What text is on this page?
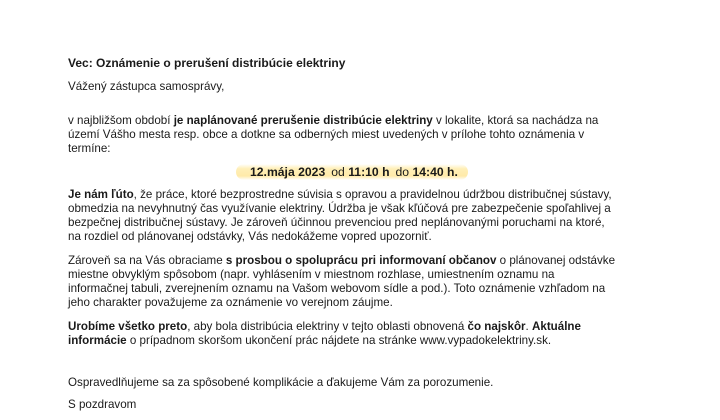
Vec: Oznámenie o prerušení distribúcie elektriny
Vážený zástupca samosprávy,
v najbližšom období je naplánované prerušenie distribúcie elektriny v lokalite, ktorá sa nachádza na
území Vášho mesta resp. obce a dotkne sa odberných miest uvedených v prílohe tohto oznámenia v
termíne:
12.mája 2023 od 11:10 h do 14:40 h.
Je nám ľúto, že práce, ktoré bezprostredne súvisia s opravou a pravidelnou údržbou distribučnej sústavy,
obmedzia na nevyhnutný čas využívanie elektriny. Údržba je však kľúčová pre zabezpečenie spoľahlivej a
bezpečnej distribučnej sústavy. Je zároveň účinnou prevenciou pred neplánovanými poruchami na ktoré,
na rozdiel od plánovanej odstávky, Vás nedokážeme vopred upozorniť.
Zároveň sa na Vás obraciame s prosbou o spoluprácu pri informovaní občanov o plánovanej odstávke
miestne obvyklým spôsobom (napr. vyhlásením v miestnom rozhlase, umiestnením oznamu na
informačnej tabuli, zverejnením oznamu na Vašom webovom sídle a pod.). Toto oznámenie vzhľadom na
jeho charakter považujeme za oznámenie vo verejnom záujme.
Urobíme všetko preto, aby bola distribúcia elektriny v tejto oblasti obnovená čo najskôr. Aktuálne
informácie o prípadnom skoršom ukončení prác nájdete na stránke www.vypadokelektriny.sk.
Ospravedlňujeme sa za spôsobené komplikácie a ďakujeme Vám za porozumenie.
S pozdravom
